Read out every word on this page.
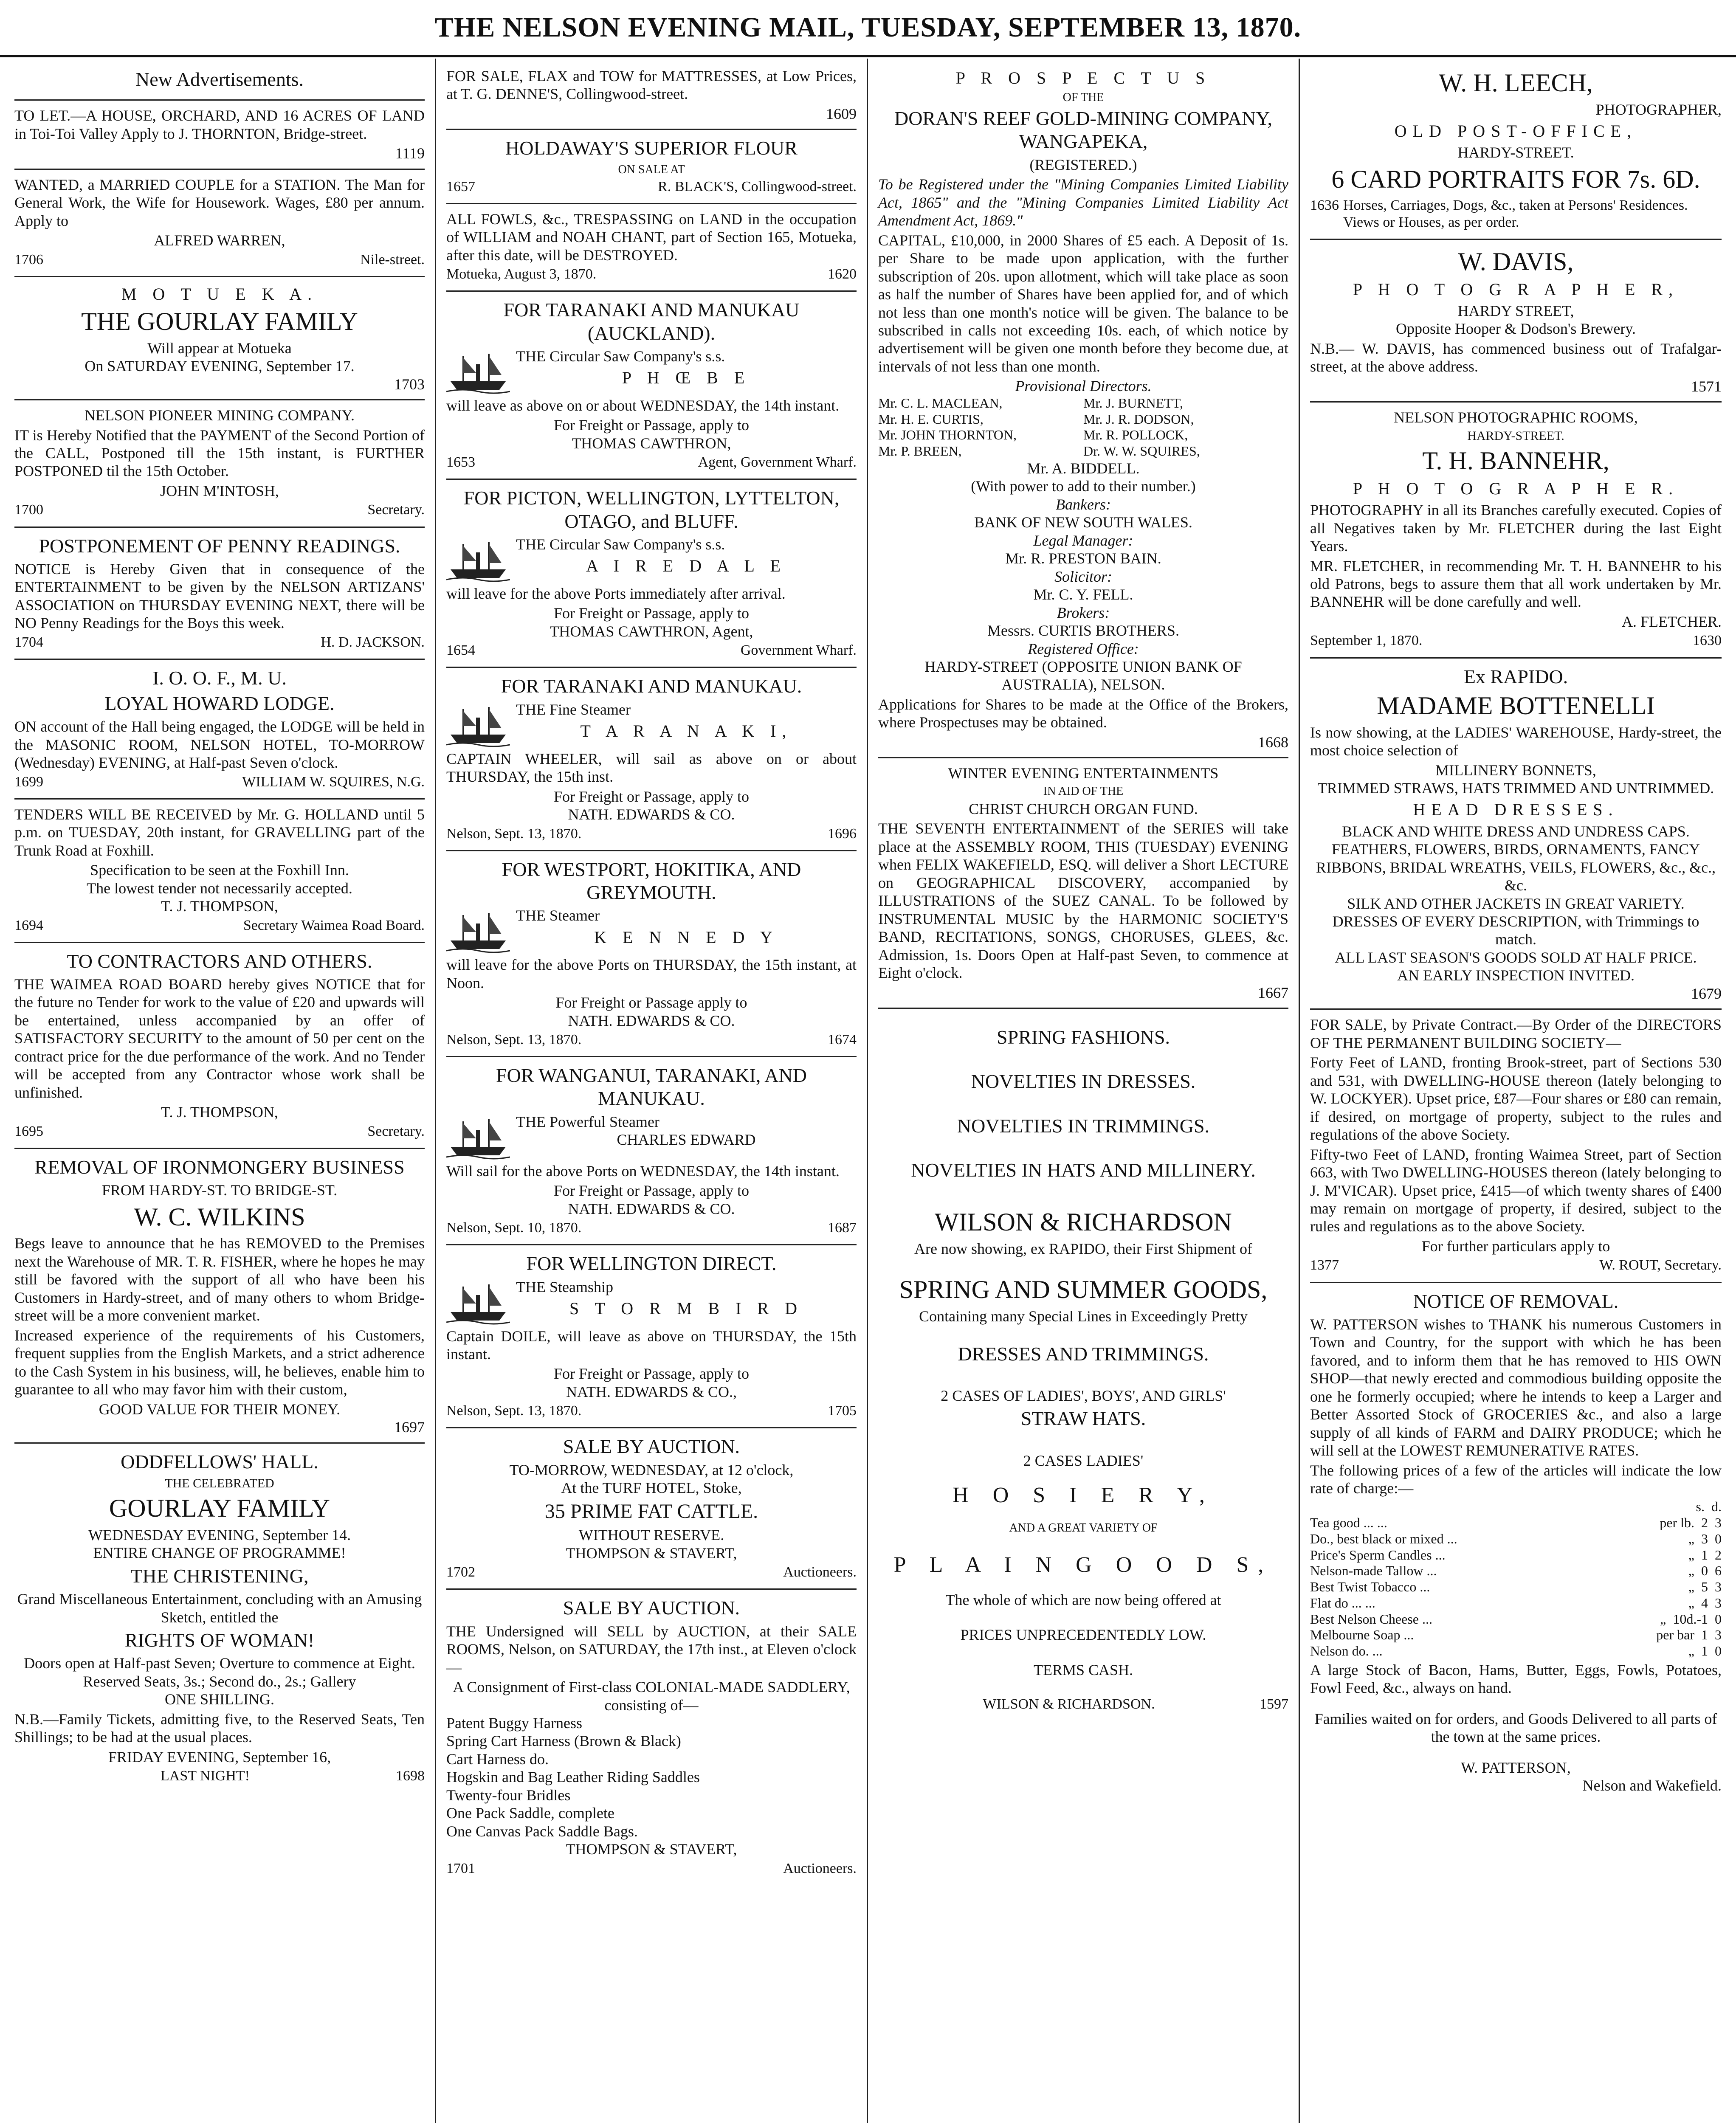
THE NELSON EVENING MAIL, TUESDAY, SEPTEMBER 13, 1870.
New Advertisements.

TO LET.—A HOUSE, ORCHARD, AND 16 ACRES OF LAND in Toi-Toi Valley Apply to J. THORNTON, Bridge-street.

1119

WANTED, a MARRIED COUPLE for a STATION. The Man for General Work, the Wife for Housework. Wages, £80 per annum. Apply to

ALFRED WARREN,
1706	Nile-street.
M O T U E K A.
THE GOURLAY FAMILY
Will appear at Motueka
On SATURDAY EVENING, September 17.
1703
NELSON PIONEER MINING COMPANY.

IT is Hereby Notified that the PAYMENT of the Second Portion of the CALL, Postponed till the 15th instant, is FURTHER POSTPONED til the 15th October.

JOHN M'INTOSH,
1700	Secretary.
POSTPONEMENT OF PENNY READINGS.

NOTICE is Hereby Given that in consequence of the ENTERTAINMENT to be given by the NELSON ARTIZANS' ASSOCIATION on THURSDAY EVENING NEXT, there will be NO Penny Readings for the Boys this week.

1704	H. D. JACKSON.
I. O. O. F., M. U.
LOYAL HOWARD LODGE.

ON account of the Hall being engaged, the LODGE will be held in the MASONIC ROOM, NELSON HOTEL, TO-MORROW (Wednesday) EVENING, at Half-past Seven o'clock.

1699	WILLIAM W. SQUIRES, N.G.

TENDERS WILL BE RECEIVED by Mr. G. HOLLAND until 5 p.m. on TUESDAY, 20th instant, for GRAVELLING part of the Trunk Road at Foxhill.

Specification to be seen at the Foxhill Inn.
The lowest tender not necessarily accepted.
T. J. THOMPSON,
1694	Secretary Waimea Road Board.
TO CONTRACTORS AND OTHERS.

THE WAIMEA ROAD BOARD hereby gives NOTICE that for the future no Tender for work to the value of £20 and upwards will be entertained, unless accompanied by an offer of SATISFACTORY SECURITY to the amount of 50 per cent on the contract price for the due performance of the work. And no Tender will be accepted from any Contractor whose work shall be unfinished.

T. J. THOMPSON,
1695	Secretary.
REMOVAL OF IRONMONGERY BUSINESS
FROM HARDY-ST. TO BRIDGE-ST.
W. C. WILKINS

Begs leave to announce that he has REMOVED to the Premises next the Warehouse of MR. T. R. FISHER, where he hopes he may still be favored with the support of all who have been his Customers in Hardy-street, and of many others to whom Bridge-street will be a more convenient market.

Increased experience of the requirements of his Customers, frequent supplies from the English Markets, and a strict adherence to the Cash System in his business, will, he believes, enable him to guarantee to all who may favor him with their custom,

GOOD VALUE FOR THEIR MONEY.
1697
ODDFELLOWS' HALL.
THE CELEBRATED
GOURLAY FAMILY
WEDNESDAY EVENING, September 14.
ENTIRE CHANGE OF PROGRAMME!
THE CHRISTENING,
Grand Miscellaneous Entertainment, concluding with an Amusing Sketch, entitled the
RIGHTS OF WOMAN!
Doors open at Half-past Seven; Overture to commence at Eight.
Reserved Seats, 3s.; Second do., 2s.; Gallery
ONE SHILLING.

N.B.—Family Tickets, admitting five, to the Reserved Seats, Ten Shillings; to be had at the usual places.

FRIDAY EVENING, September 16,
LAST NIGHT!	1698

FOR SALE, FLAX and TOW for MATTRESSES, at Low Prices, at T. G. DENNE'S, Collingwood-street.

1609
HOLDAWAY'S SUPERIOR FLOUR
ON SALE AT
1657	R. BLACK'S, Collingwood-street.

ALL FOWLS, &c., TRESPASSING on LAND in the occupation of WILLIAM and NOAH CHANT, part of Section 165, Motueka, after this date, will be DESTROYED.

Motueka, August 3, 1870.	1620
FOR TARANAKI AND MANUKAU (AUCKLAND).
THE Circular Saw Company's s.s.
P H Œ B E

will leave as above on or about WEDNESDAY, the 14th instant.

For Freight or Passage, apply to
THOMAS CAWTHRON,
1653	Agent, Government Wharf.
FOR PICTON, WELLINGTON, LYTTELTON, OTAGO, and BLUFF.
THE Circular Saw Company's s.s.
A I R E D A L E

will leave for the above Ports immediately after arrival.

For Freight or Passage, apply to
THOMAS CAWTHRON, Agent,
1654	Government Wharf.
FOR TARANAKI AND MANUKAU.
THE Fine Steamer
T A R A N A K I,

CAPTAIN WHEELER, will sail as above on or about THURSDAY, the 15th inst.

For Freight or Passage, apply to
NATH. EDWARDS & CO.
Nelson, Sept. 13, 1870.	1696
FOR WESTPORT, HOKITIKA, AND GREYMOUTH.
THE Steamer
K E N N E D Y

will leave for the above Ports on THURSDAY, the 15th instant, at Noon.

For Freight or Passage apply to
NATH. EDWARDS & CO.
Nelson, Sept. 13, 1870.	1674
FOR WANGANUI, TARANAKI, AND MANUKAU.
THE Powerful Steamer
CHARLES EDWARD

Will sail for the above Ports on WEDNESDAY, the 14th instant.

For Freight or Passage, apply to
NATH. EDWARDS & CO.
Nelson, Sept. 10, 1870.	1687
FOR WELLINGTON DIRECT.
THE Steamship
S T O R M B I R D

Captain DOILE, will leave as above on THURSDAY, the 15th instant.

For Freight or Passage, apply to
NATH. EDWARDS & CO.,
Nelson, Sept. 13, 1870.	1705
SALE BY AUCTION.
TO-MORROW, WEDNESDAY, at 12 o'clock,
At the TURF HOTEL, Stoke,
35 PRIME FAT CATTLE.
WITHOUT RESERVE.
THOMPSON & STAVERT,
1702	Auctioneers.
SALE BY AUCTION.

THE Undersigned will SELL by AUCTION, at their SALE ROOMS, Nelson, on SATURDAY, the 17th inst., at Eleven o'clock—

A Consignment of First-class COLONIAL-MADE SADDLERY, consisting of—
Patent Buggy Harness
Spring Cart Harness (Brown & Black)
Cart Harness do.
Hogskin and Bag Leather Riding Saddles
Twenty-four Bridles
One Pack Saddle, complete
One Canvas Pack Saddle Bags.
THOMPSON & STAVERT,
1701	Auctioneers.
P R O S P E C T U S
OF THE
DORAN'S REEF GOLD-MINING COMPANY, WANGAPEKA,
(REGISTERED.)

To be Registered under the "Mining Companies Limited Liability Act, 1865" and the "Mining Companies Limited Liability Act Amendment Act, 1869."

CAPITAL, £10,000, in 2000 Shares of £5 each. A Deposit of 1s. per Share to be made upon application, with the further subscription of 20s. upon allotment, which will take place as soon as half the number of Shares have been applied for, and of which not less than one month's notice will be given. The balance to be subscribed in calls not exceeding 10s. each, of which notice by advertisement will be given one month before they become due, at intervals of not less than one month.

Provisional Directors.
Mr. C. L. MACLEAN,	Mr. J. BURNETT,
Mr. H. E. CURTIS,	Mr. J. R. DODSON,
Mr. JOHN THORNTON,	Mr. R. POLLOCK,
Mr. P. BREEN,	Dr. W. W. SQUIRES,
Mr. A. BIDDELL.
(With power to add to their number.)
Bankers:
BANK OF NEW SOUTH WALES.
Legal Manager:
Mr. R. PRESTON BAIN.
Solicitor:
Mr. C. Y. FELL.
Brokers:
Messrs. CURTIS BROTHERS.
Registered Office:
HARDY-STREET (OPPOSITE UNION BANK OF AUSTRALIA), NELSON.

Applications for Shares to be made at the Office of the Brokers, where Prospectuses may be obtained.

1668
WINTER EVENING ENTERTAINMENTS
IN AID OF THE
CHRIST CHURCH ORGAN FUND.

THE SEVENTH ENTERTAINMENT of the SERIES will take place at the ASSEMBLY ROOM, THIS (TUESDAY) EVENING when FELIX WAKEFIELD, ESQ. will deliver a Short LECTURE on GEOGRAPHICAL DISCOVERY, accompanied by ILLUSTRATIONS of the SUEZ CANAL. To be followed by INSTRUMENTAL MUSIC by the HARMONIC SOCIETY'S BAND, RECITATIONS, SONGS, CHORUSES, GLEES, &c. Admission, 1s. Doors Open at Half-past Seven, to commence at Eight o'clock.

1667
SPRING FASHIONS.
NOVELTIES IN DRESSES.
NOVELTIES IN TRIMMINGS.
NOVELTIES IN HATS AND MILLINERY.
WILSON & RICHARDSON
Are now showing, ex RAPIDO, their First Shipment of
SPRING AND SUMMER GOODS,
Containing many Special Lines in Exceedingly Pretty
DRESSES AND TRIMMINGS.
2 CASES OF LADIES', BOYS', AND GIRLS'
STRAW HATS.
2 CASES LADIES'
H O S I E R Y,
AND A GREAT VARIETY OF
P L A I N G O O D S,
The whole of which are now being offered at
PRICES UNPRECEDENTEDLY LOW.
TERMS CASH.
WILSON & RICHARDSON.	1597
W. H. LEECH,
PHOTOGRAPHER,
OLD POST-OFFICE,
HARDY-STREET.
6 CARD PORTRAITS FOR 7s. 6D.
1636 Horses, Carriages, Dogs, &c., taken at Persons' Residences. Views or Houses, as per order.
W. DAVIS,
P H O T O G R A P H E R,
HARDY STREET,
Opposite Hooper & Dodson's Brewery.

N.B.— W. DAVIS, has commenced business out of Trafalgar-street, at the above address.

1571
NELSON PHOTOGRAPHIC ROOMS,
HARDY-STREET.
T. H. BANNEHR,
P H O T O G R A P H E R.

PHOTOGRAPHY in all its Branches carefully executed. Copies of all Negatives taken by Mr. FLETCHER during the last Eight Years.

MR. FLETCHER, in recommending Mr. T. H. BANNEHR to his old Patrons, begs to assure them that all work undertaken by Mr. BANNEHR will be done carefully and well.

A. FLETCHER.
September 1, 1870.	1630
Ex RAPIDO.
MADAME BOTTENELLI

Is now showing, at the LADIES' WAREHOUSE, Hardy-street, the most choice selection of

MILLINERY BONNETS,
TRIMMED STRAWS, HATS TRIMMED AND UNTRIMMED.
HEAD DRESSES.
BLACK AND WHITE DRESS AND UNDRESS CAPS.
FEATHERS, FLOWERS, BIRDS, ORNAMENTS, FANCY RIBBONS, BRIDAL WREATHS, VEILS, FLOWERS, &c., &c., &c.
SILK AND OTHER JACKETS IN GREAT VARIETY.
DRESSES OF EVERY DESCRIPTION, with Trimmings to match.
ALL LAST SEASON'S GOODS SOLD AT HALF PRICE.
AN EARLY INSPECTION INVITED.
1679

FOR SALE, by Private Contract.—By Order of the DIRECTORS OF THE PERMANENT BUILDING SOCIETY—

Forty Feet of LAND, fronting Brook-street, part of Sections 530 and 531, with DWELLING-HOUSE thereon (lately belonging to W. LOCKYER). Upset price, £87—Four shares or £80 can remain, if desired, on mortgage of property, subject to the rules and regulations of the above Society.

Fifty-two Feet of LAND, fronting Waimea Street, part of Section 663, with Two DWELLING-HOUSES thereon (lately belonging to J. M'VICAR). Upset price, £415—of which twenty shares of £400 may remain on mortgage of property, if desired, subject to the rules and regulations as to the above Society.

For further particulars apply to
1377	W. ROUT, Secretary.
NOTICE OF REMOVAL.

W. PATTERSON wishes to THANK his numerous Customers in Town and Country, for the support with which he has been favored, and to inform them that he has removed to HIS OWN SHOP—that newly erected and commodious building opposite the one he formerly occupied; where he intends to keep a Larger and Better Assorted Stock of GROCERIES &c., and also a large supply of all kinds of FARM and DAIRY PRODUCE; which he will sell at the LOWEST REMUNERATIVE RATES.

The following prices of a few of the articles will indicate the low rate of charge:—

s. d.
Tea good ... ...	per lb. 2 3
Do., best black or mixed ...	„ 3 0
Price's Sperm Candles ...	„ 1 2
Nelson-made Tallow ...	„ 0 6
Best Twist Tobacco ...	„ 5 3
Flat do ... ...	„ 4 3
Best Nelson Cheese ...	„ 10d.-1 0
Melbourne Soap ...	per bar 1 3
Nelson do. ...	„ 1 0

A large Stock of Bacon, Hams, Butter, Eggs, Fowls, Potatoes, Fowl Feed, &c., always on hand.

Families waited on for orders, and Goods Delivered to all parts of the town at the same prices.
W. PATTERSON,
Nelson and Wakefield.
